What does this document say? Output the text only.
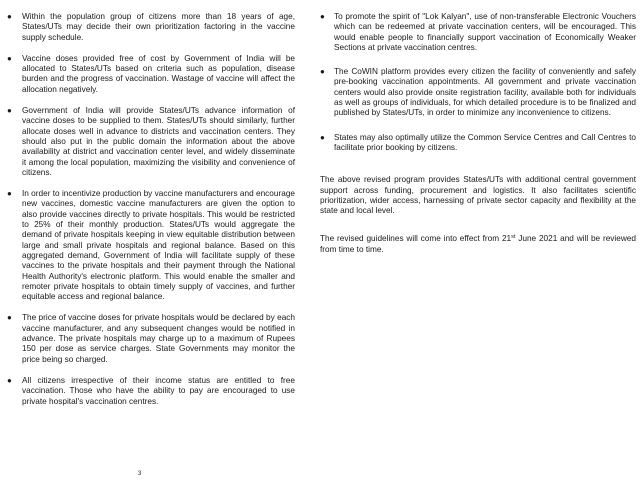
● Within the population group of citizens more than 18 years of age, States/UTs may decide their own prioritization factoring in the vaccine supply schedule.
● Vaccine doses provided free of cost by Government of India will be allocated to States/UTs based on criteria such as population, disease burden and the progress of vaccination. Wastage of vaccine will affect the allocation negatively.
● Government of India will provide States/UTs advance information of vaccine doses to be supplied to them. States/UTs should similarly, further allocate doses well in advance to districts and vaccination centers. They should also put in the public domain the information about the above availability at district and vaccination center level, and widely disseminate it among the local population, maximizing the visibility and convenience of citizens.
● In order to incentivize production by vaccine manufacturers and encourage new vaccines, domestic vaccine manufacturers are given the option to also provide vaccines directly to private hospitals. This would be restricted to 25% of their monthly production. States/UTs would aggregate the demand of private hospitals keeping in view equitable distribution between large and small private hospitals and regional balance. Based on this aggregated demand, Government of India will facilitate supply of these vaccines to the private hospitals and their payment through the National Health Authority's electronic platform. This would enable the smaller and remoter private hospitals to obtain timely supply of vaccines, and further equitable access and regional balance.
● The price of vaccine doses for private hospitals would be declared by each vaccine manufacturer, and any subsequent changes would be notified in advance. The private hospitals may charge up to a maximum of Rupees 150 per dose as service charges. State Governments may monitor the price being so charged.
● All citizens irrespective of their income status are entitled to free vaccination. Those who have the ability to pay are encouraged to use private hospital's vaccination centres.
● To promote the spirit of "Lok Kalyan", use of non-transferable Electronic Vouchers which can be redeemed at private vaccination centers, will be encouraged. This would enable people to financially support vaccination of Economically Weaker Sections at private vaccination centres.
● The CoWIN platform provides every citizen the facility of conveniently and safely pre-booking vaccination appointments. All government and private vaccination centers would also provide onsite registration facility, available both for individuals as well as groups of individuals, for which detailed procedure is to be finalized and published by States/UTs, in order to minimize any inconvenience to citizens.
● States may also optimally utilize the Common Service Centres and Call Centres to facilitate prior booking by citizens.

The above revised program provides States/UTs with additional central government support across funding, procurement and logistics. It also facilitates scientific prioritization, wider access, harnessing of private sector capacity and flexibility at the state and local level.

The revised guidelines will come into effect from 21st June 2021 and will be reviewed from time to time.

3
